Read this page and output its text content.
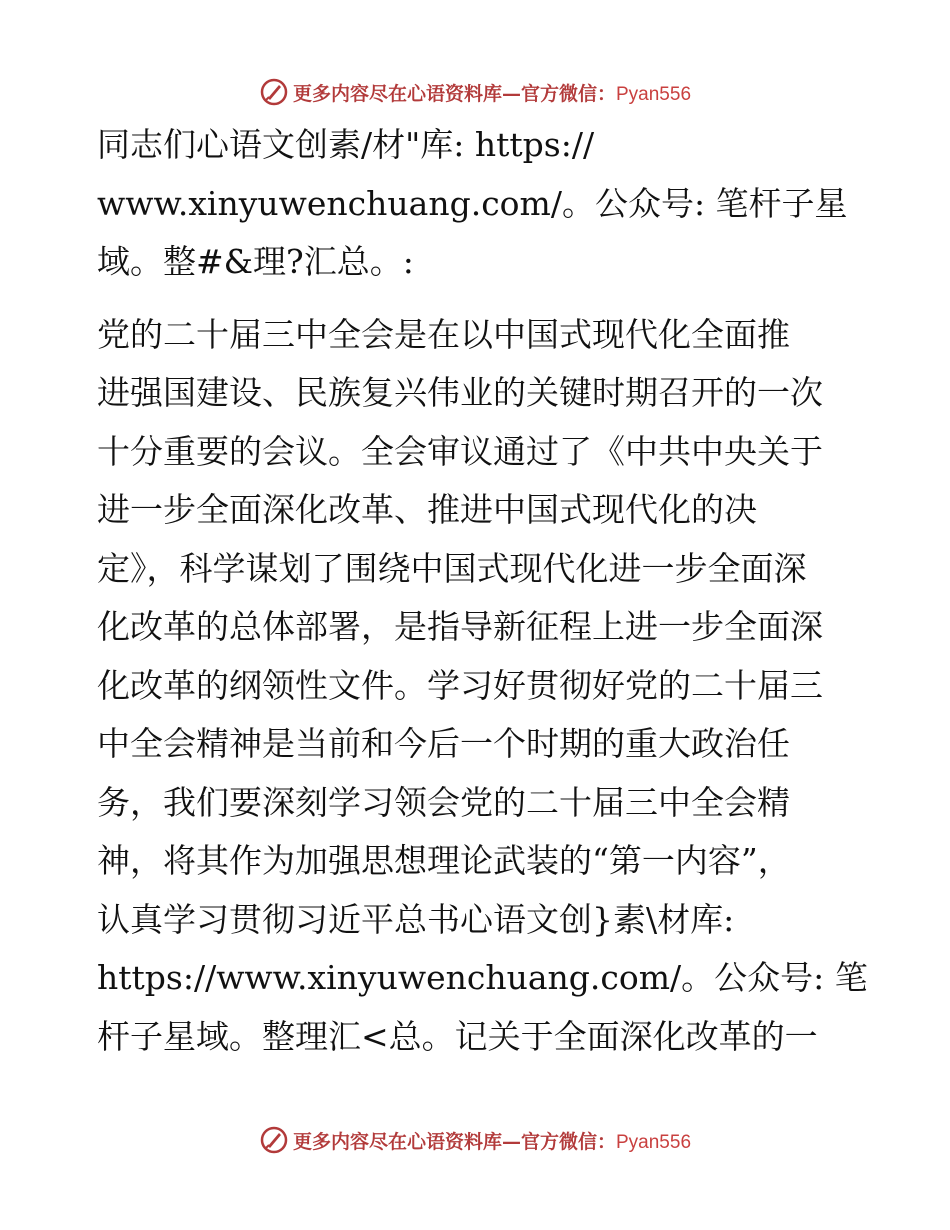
更多内容尽在心语资料库—官方微信：Pyan556

同志们心语文创素/材"库: https://
www.xinyuwenchuang.com/。公众号: 笔杆子星
域。整#&理?汇总。:

党的二十届三中全会是在以中国式现代化全面推
进强国建设、民族复兴伟业的关键时期召开的一次
十分重要的会议。全会审议通过了《中共中央关于
进一步全面深化改革、推进中国式现代化的决
定》，科学谋划了围绕中国式现代化进一步全面深
化改革的总体部署，是指导新征程上进一步全面深
化改革的纲领性文件。学习好贯彻好党的二十届三
中全会精神是当前和今后一个时期的重大政治任
务，我们要深刻学习领会党的二十届三中全会精
神，将其作为加强思想理论武装的“第一内容”，
认真学习贯彻习近平总书心语文创}素\材库:
https://www.xinyuwenchuang.com/。公众号: 笔
杆子星域。整理汇<总。记关于全面深化改革的一

更多内容尽在心语资料库—官方微信：Pyan556
